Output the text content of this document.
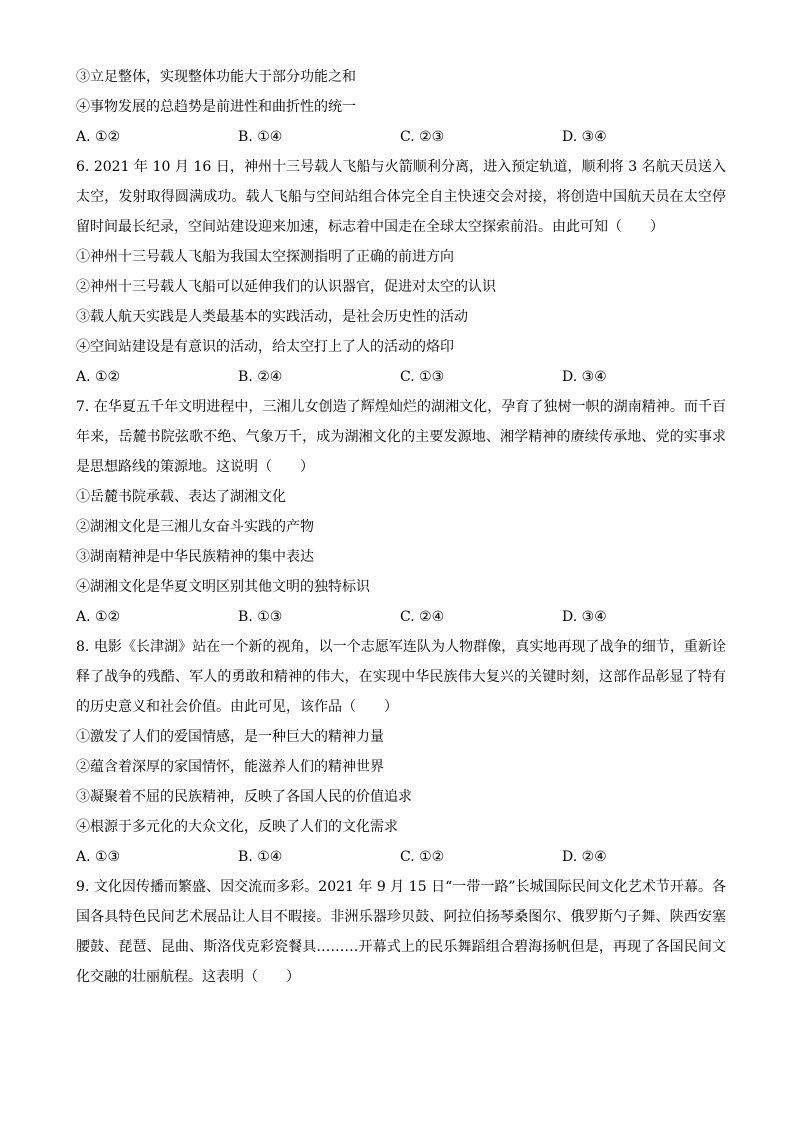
③立足整体，实现整体功能大于部分功能之和
④事物发展的总趋势是前进性和曲折性的统一
A. ①②	B. ①④	C. ②③	D. ③④
6. 2021 年 10 月 16 日，神州十三号载人飞船与火箭顺利分离，进入预定轨道，顺利将 3 名航天员送入太空，发射取得圆满成功。载人飞船与空间站组合体完全自主快速交会对接，将创造中国航天员在太空停留时间最长纪录，空间站建设迎来加速，标志着中国走在全球太空探索前沿。由此可知（　　）
①神州十三号载人飞船为我国太空探测指明了正确的前进方向
②神州十三号载人飞船可以延伸我们的认识器官，促进对太空的认识
③载人航天实践是人类最基本的实践活动，是社会历史性的活动
④空间站建设是有意识的活动，给太空打上了人的活动的烙印
A. ①②	B. ②④	C. ①③	D. ③④
7. 在华夏五千年文明进程中，三湘儿女创造了辉煌灿烂的湖湘文化，孕育了独树一帜的湖南精神。而千百年来，岳麓书院弦歌不绝、气象万千，成为湖湘文化的主要发源地、湘学精神的赓续传承地、党的实事求是思想路线的策源地。这说明（　　）
①岳麓书院承载、表达了湖湘文化
②湖湘文化是三湘儿女奋斗实践的产物
③湖南精神是中华民族精神的集中表达
④湖湘文化是华夏文明区别其他文明的独特标识
A. ①②	B. ①③	C. ②④	D. ③④
8. 电影《长津湖》站在一个新的视角，以一个志愿军连队为人物群像，真实地再现了战争的细节，重新诠释了战争的残酷、军人的勇敢和精神的伟大，在实现中华民族伟大复兴的关键时刻，这部作品彰显了特有的历史意义和社会价值。由此可见，该作品（　　）
①激发了人们的爱国情感，是一种巨大的精神力量
②蕴含着深厚的家国情怀，能滋养人们的精神世界
③凝聚着不屈的民族精神，反映了各国人民的价值追求
④根源于多元化的大众文化，反映了人们的文化需求
A. ①③	B. ①④	C. ①②	D. ②④
9. 文化因传播而繁盛、因交流而多彩。2021 年 9 月 15 日“一带一路”长城国际民间文化艺术节开幕。各国各具特色民间艺术展品让人目不暇接。非洲乐器珍贝鼓、阿拉伯扬琴桑图尔、俄罗斯勺子舞、陕西安塞腰鼓、琵琶、昆曲、斯洛伐克彩瓷餐具………开幕式上的民乐舞蹈组合碧海扬帆但是，再现了各国民间文化交融的壮丽航程。这表明（　　）
